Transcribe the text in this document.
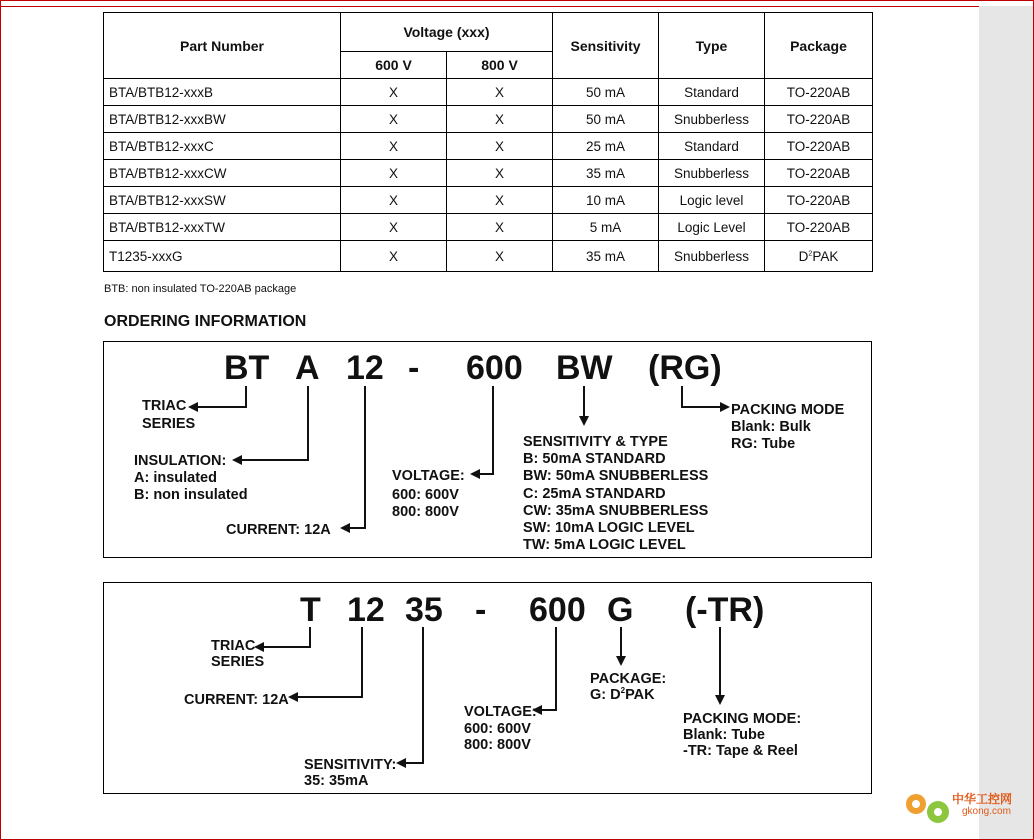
Part Number	Voltage (xxx)		Sensitivity	Type	Package
	600 V	800 V			
BTA/BTB12-xxxB	X	X	50 mA	Standard	TO-220AB
BTA/BTB12-xxxBW	X	X	50 mA	Snubberless	TO-220AB
BTA/BTB12-xxxC	X	X	25 mA	Standard	TO-220AB
BTA/BTB12-xxxCW	X	X	35 mA	Snubberless	TO-220AB
BTA/BTB12-xxxSW	X	X	10 mA	Logic level	TO-220AB
BTA/BTB12-xxxTW	X	X	5 mA	Logic Level	TO-220AB
T1235-xxxG	X	X	35 mA	Snubberless	$D^2PAK$
BTB: non insulated TO-220AB package
ORDERING INFORMATION
BT A 12 - 600 BW (RG)
TRIAC
SERIES
INSULATION:
A: insulated
B: non insulated
CURRENT: 12A
VOLTAGE:
600: 600V
800: 800V
SENSITIVITY & TYPE
B: 50mA STANDARD
BW: 50mA SNUBBERLESS
C: 25mA STANDARD
CW: 35mA SNUBBERLESS
SW: 10mA LOGIC LEVEL
TW: 5mA LOGIC LEVEL
PACKING MODE
Blank: Bulk
RG: Tube
T 12 35 - 600 G (-TR)
TRIAC
SERIES
CURRENT: 12A
SENSITIVITY:
35: 35mA
VOLTAGE:
600: 600V
800: 800V
PACKAGE:
G: $D^2PAK$
PACKING MODE:
Blank: Tube
-TR: Tape & Reel
中华工控网
gkong.com
